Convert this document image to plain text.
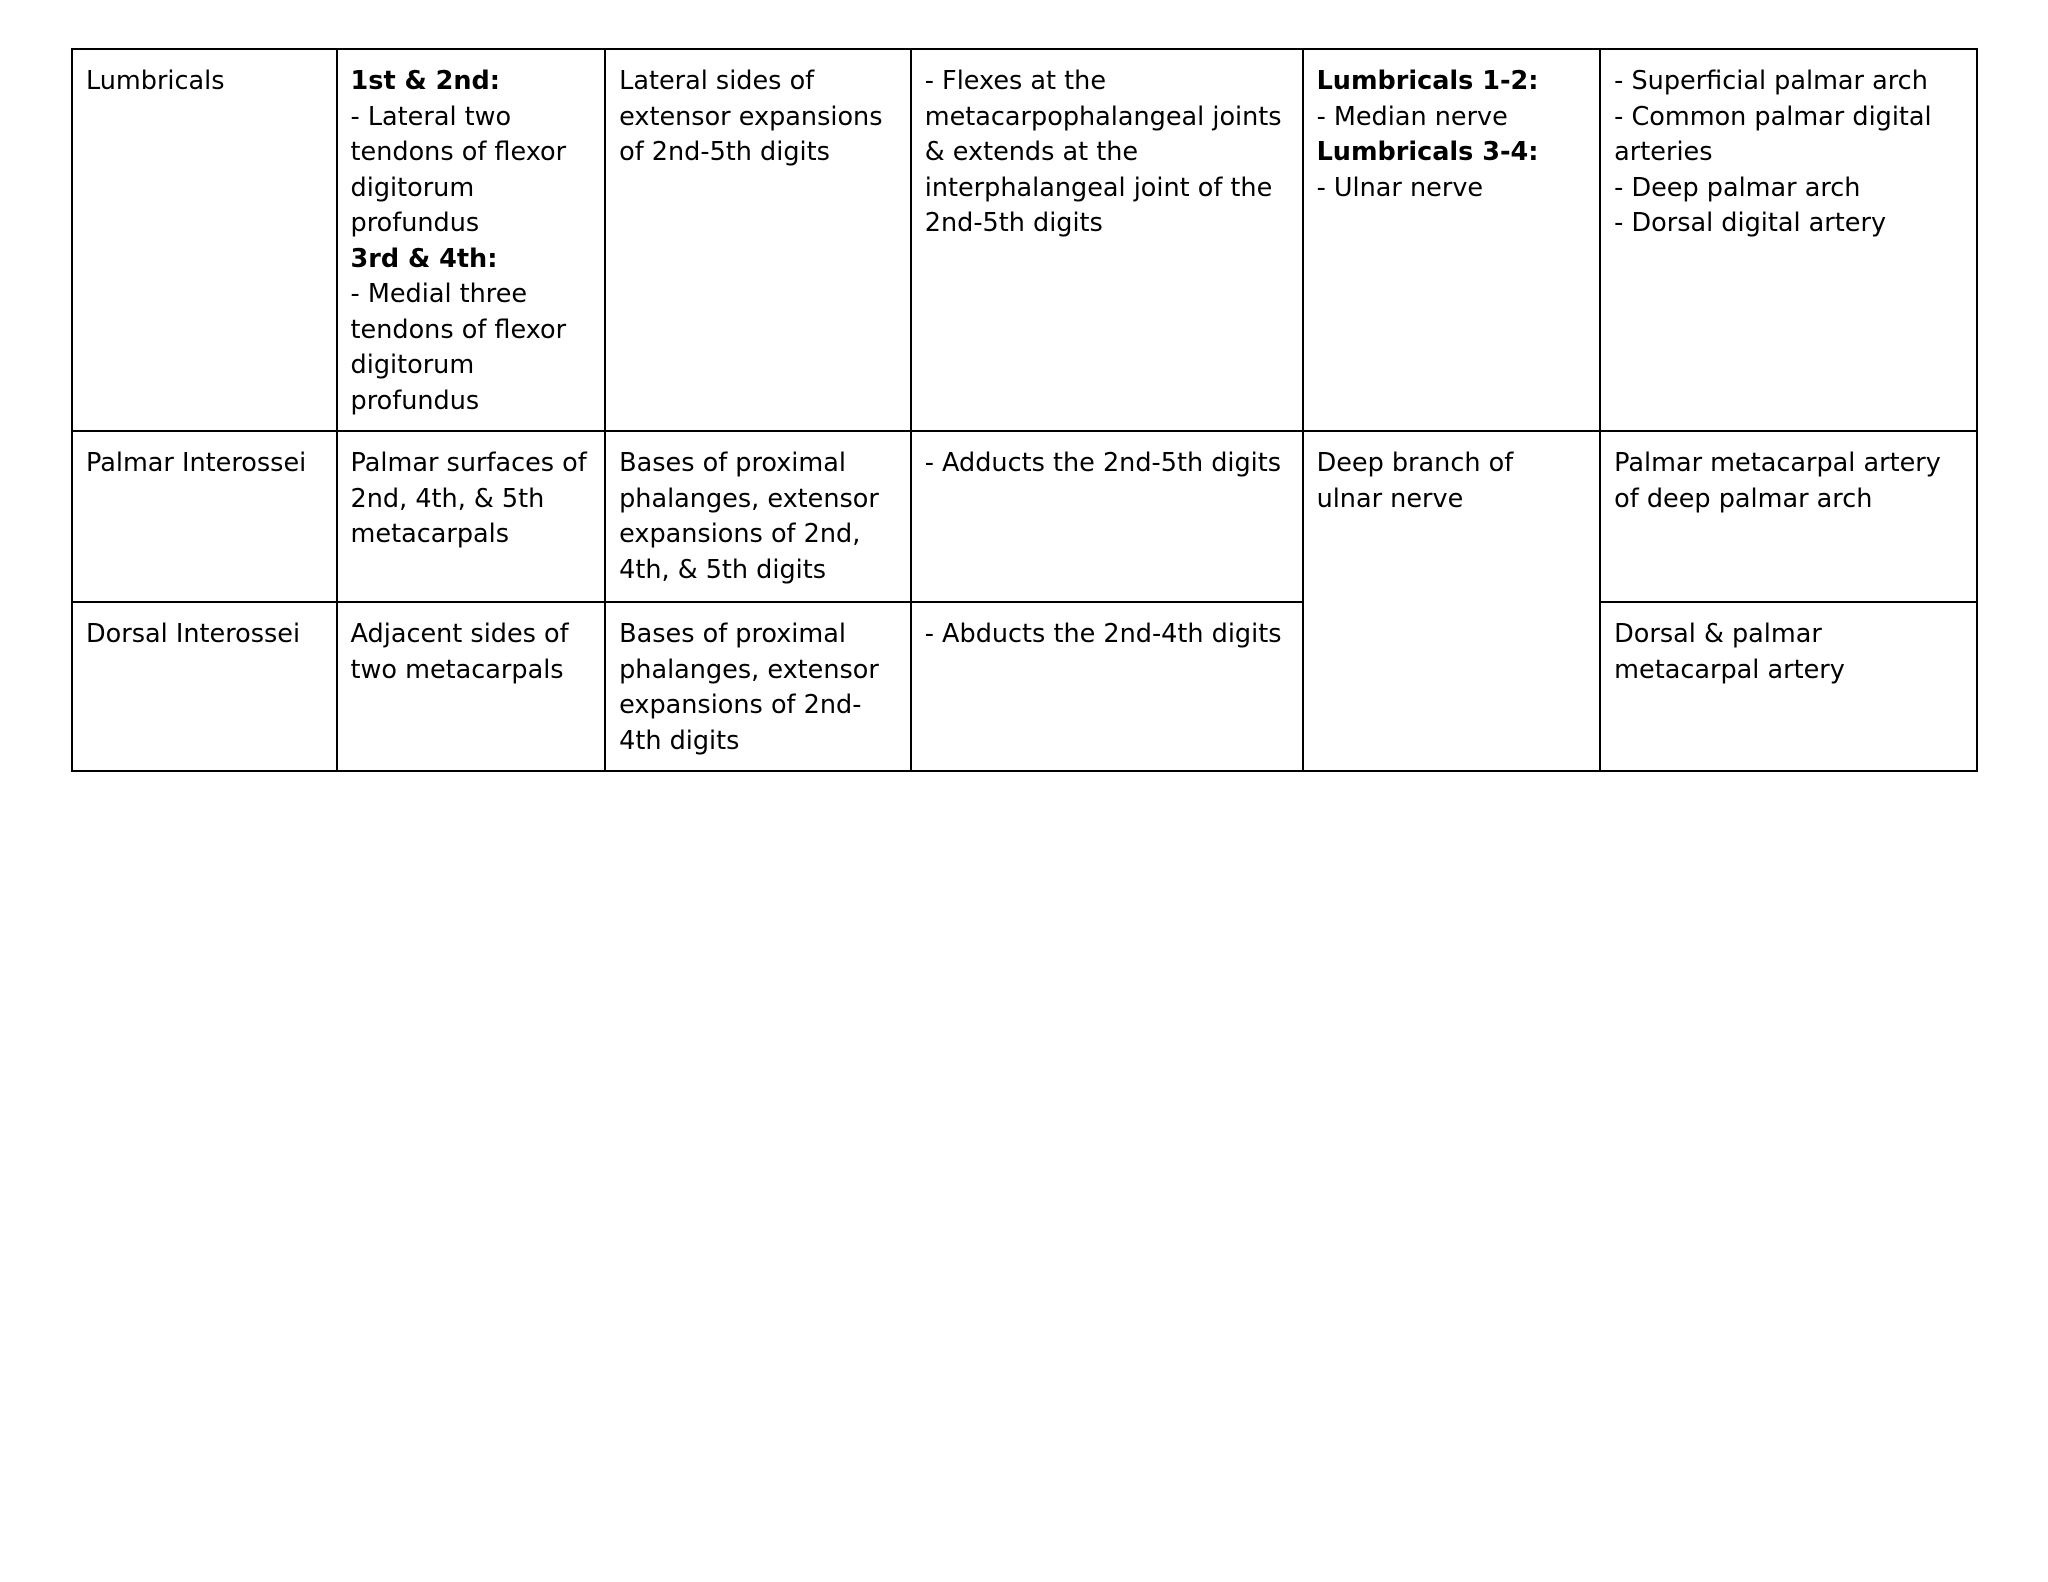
Lumbricals	1st & 2nd:
- Lateral two tendons of flexor digitorum profundus
3rd & 4th:
- Medial three tendons of flexor digitorum profundus	Lateral sides of extensor expansions of 2nd-5th digits	- Flexes at the metacarpophalangeal joints & extends at the interphalangeal joint of the 2nd-5th digits	Lumbricals 1-2:
- Median nerve
Lumbricals 3-4:
- Ulnar nerve	- Superficial palmar arch
- Common palmar digital arteries
- Deep palmar arch
- Dorsal digital artery

Palmar Interossei	Palmar surfaces of 2nd, 4th, & 5th metacarpals	Bases of proximal phalanges, extensor expansions of 2nd, 4th, & 5th digits	- Adducts the 2nd-5th digits	Deep branch of ulnar nerve	Palmar metacarpal artery of deep palmar arch
Dorsal Interossei	Adjacent sides of two metacarpals	Bases of proximal phalanges, extensor expansions of 2nd-4th digits	- Abducts the 2nd-4th digits		Dorsal & palmar metacarpal artery
